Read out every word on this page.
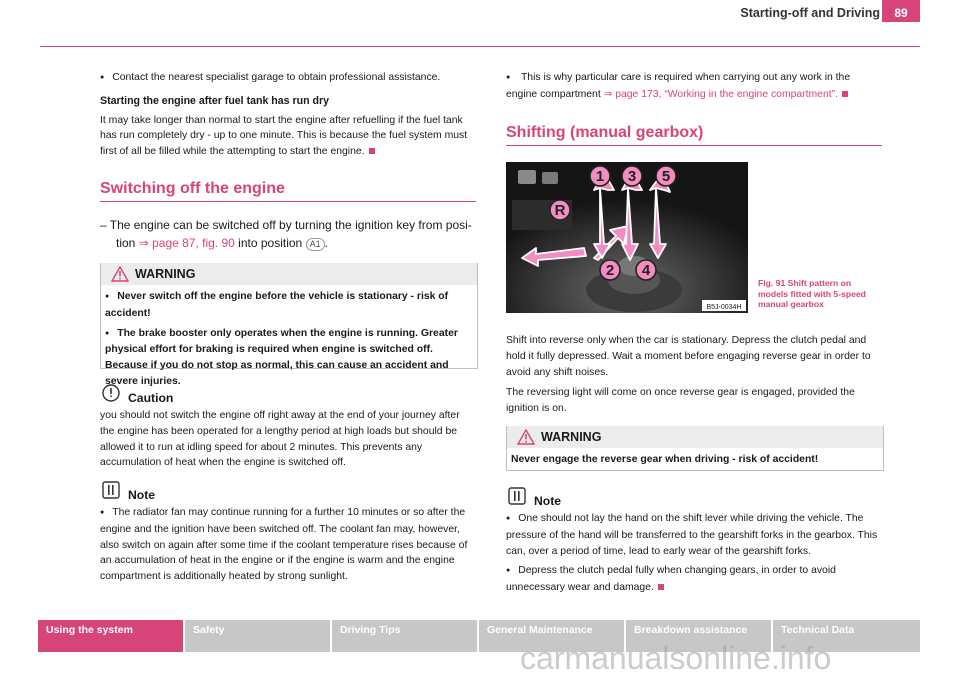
Starting-off and Driving	89
● Contact the nearest specialist garage to obtain professional assistance.
Starting the engine after fuel tank has run dry
It may take longer than normal to start the engine after refuelling if the fuel tank has run completely dry - up to one minute. This is because the fuel system must first of all be filled while the attempting to start the engine.
Switching off the engine
– The engine can be switched off by turning the ignition key from posi-
tion ⇒ page 87, fig. 90 into position A1 .
WARNING
● Never switch off the engine before the vehicle is stationary - risk of accident!
● The brake booster only operates when the engine is running. Greater physical effort for braking is required when engine is switched off. Because if you do not stop as normal, this can cause an accident and severe injuries.
Caution
you should not switch the engine off right away at the end of your journey after the engine has been operated for a lengthy period at high loads but should be allowed it to run at idling speed for about 2 minutes. This prevents any accumulation of heat when the engine is switched off.
Note
● The radiator fan may continue running for a further 10 minutes or so after the engine and the ignition have been switched off. The coolant fan may, however, also switch on again after some time if the coolant temperature rises because of an accumulation of heat in the engine or if the engine is warm and the engine compartment is additionally heated by strong sunlight.
● This is why particular care is required when carrying out any work in the engine compartment ⇒ page 173, “Working in the engine compartment”.
Shifting (manual gearbox)
1 3 5
R
2 4
B5J-0034H
Fig. 91 Shift pattern on models fitted with 5-speed manual gearbox
Shift into reverse only when the car is stationary. Depress the clutch pedal and hold it fully depressed. Wait a moment before engaging reverse gear in order to avoid any shift noises.
The reversing light will come on once reverse gear is engaged, provided the ignition is on.
WARNING
Never engage the reverse gear when driving - risk of accident!
Note
● One should not lay the hand on the shift lever while driving the vehicle. The pressure of the hand will be transferred to the gearshift forks in the gearbox. This can, over a period of time, lead to early wear of the gearshift forks.
● Depress the clutch pedal fully when changing gears, in order to avoid unnecessary wear and damage.
Using the system	Safety	Driving Tips	General Maintenance	Breakdown assistance	Technical Data
carmanualsonline.info
